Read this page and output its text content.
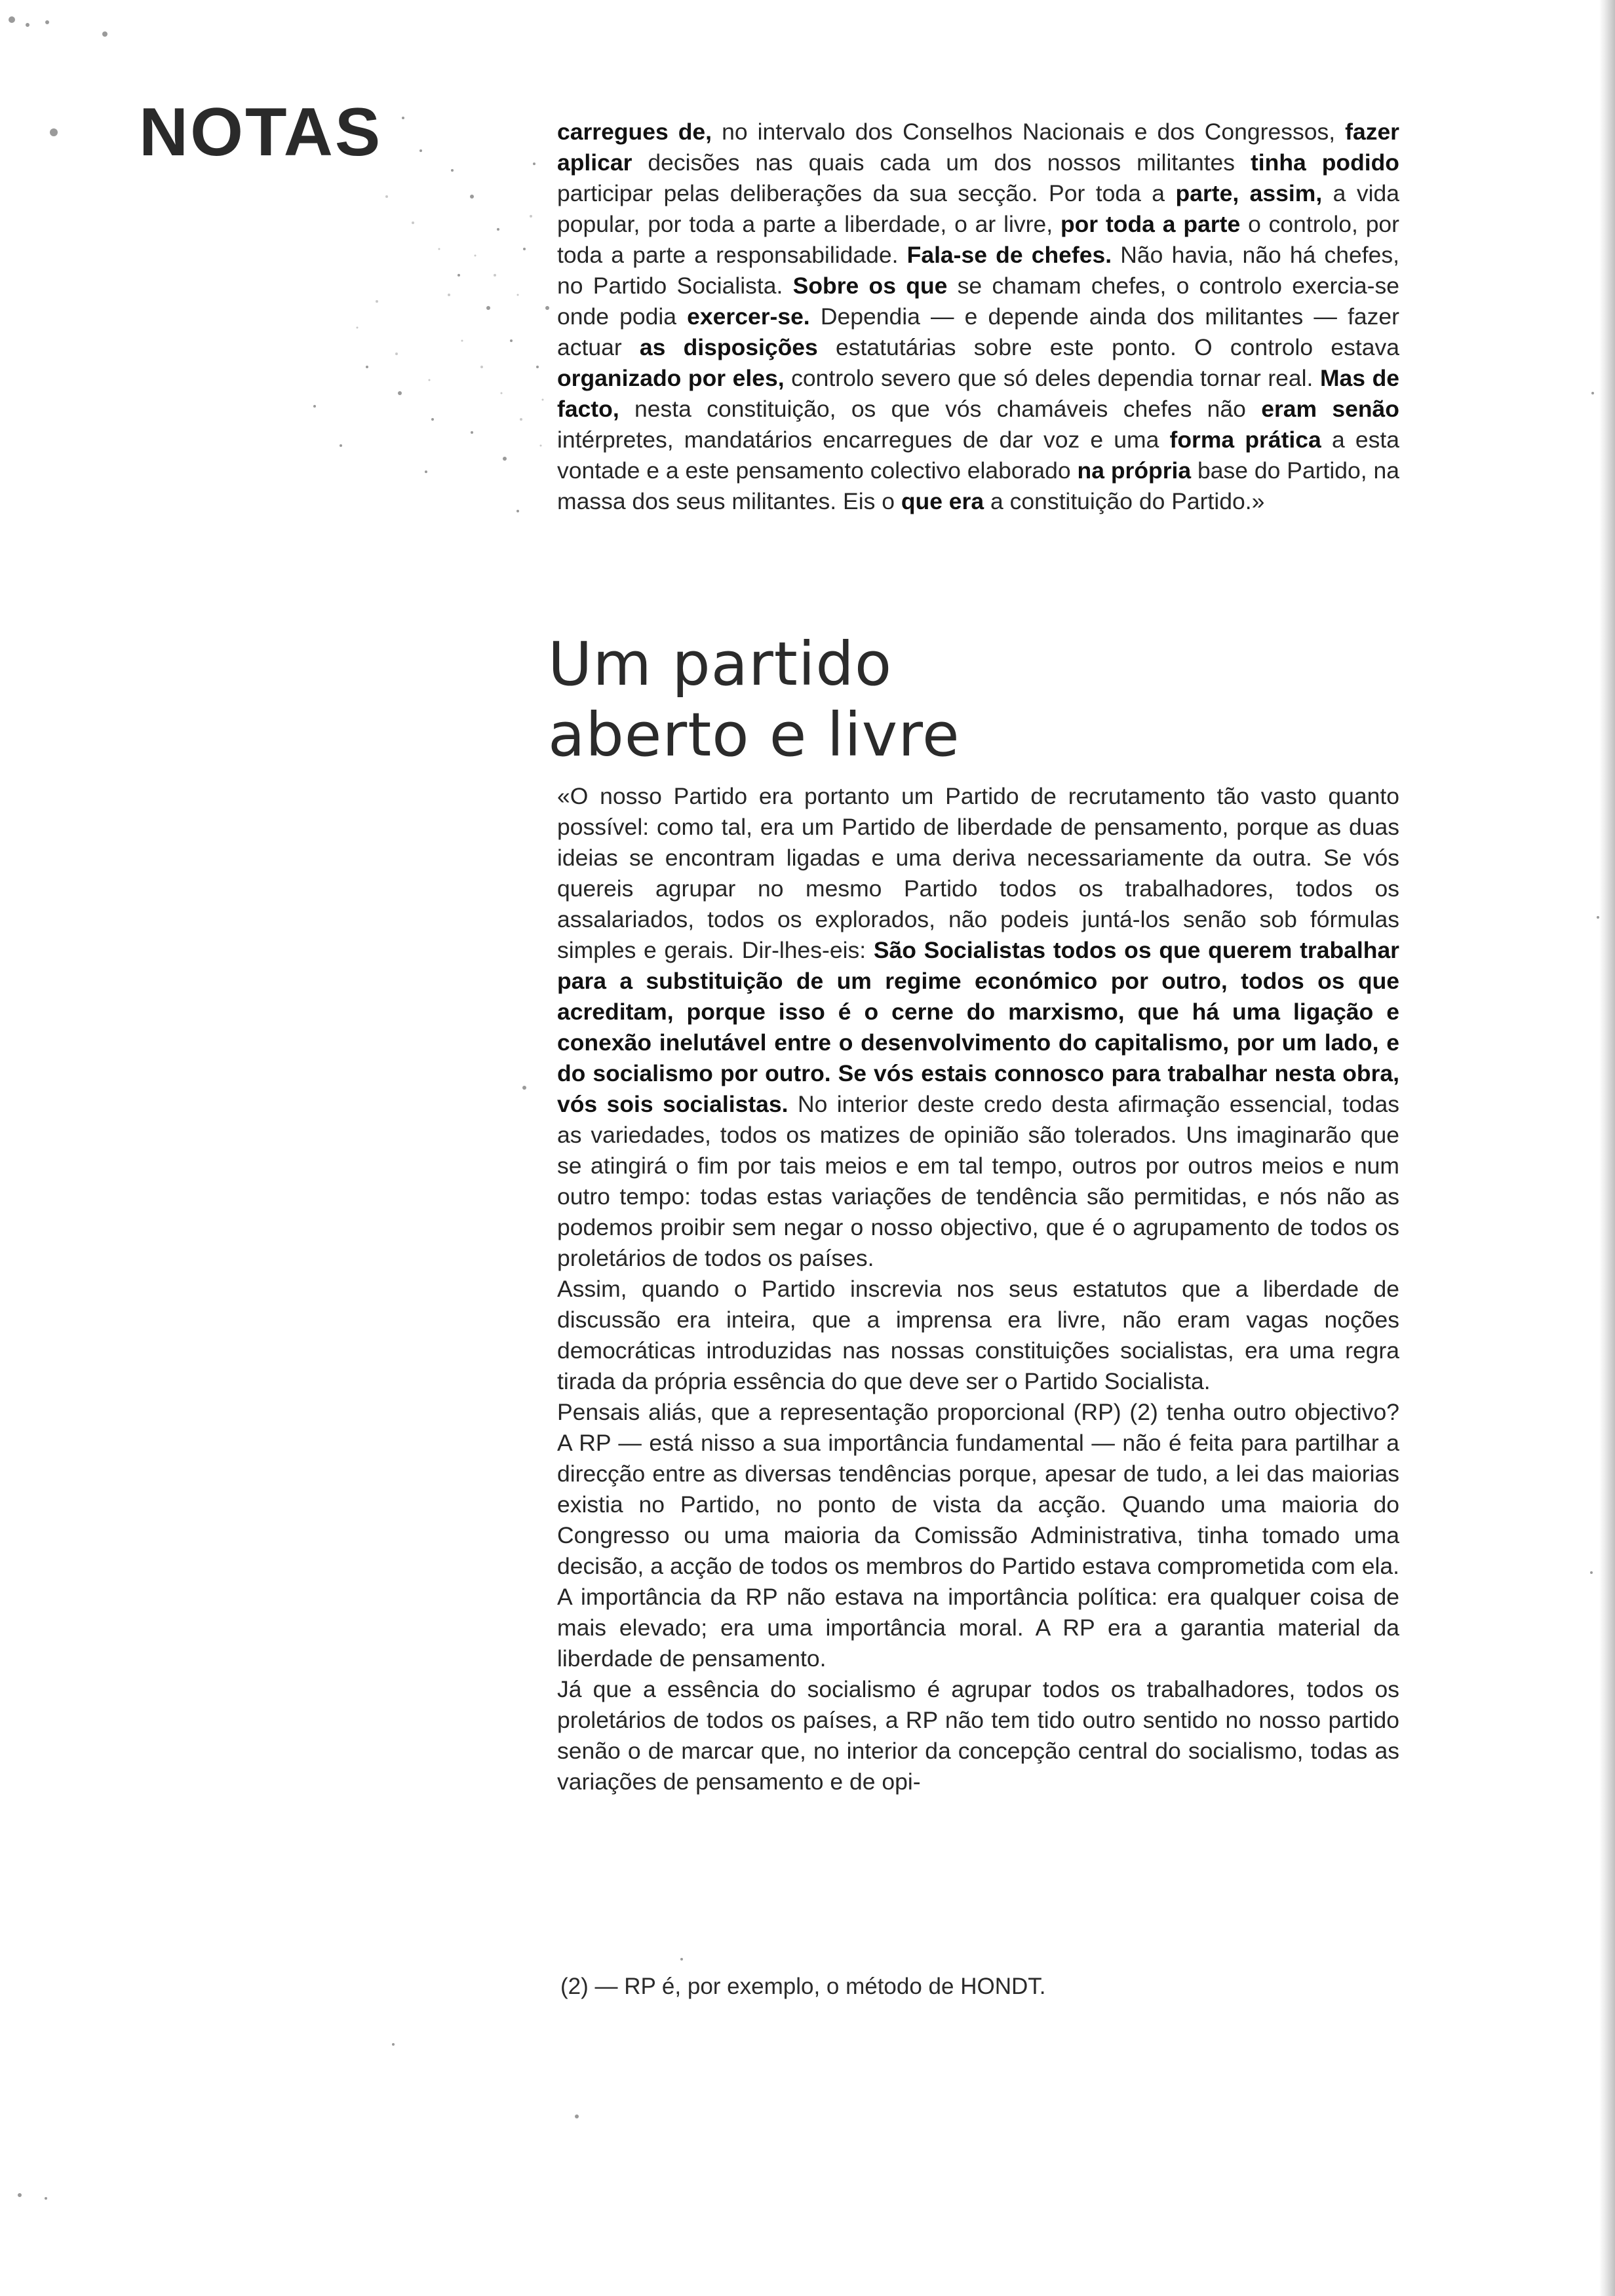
NOTAS	carregues de, no intervalo dos Conselhos Nacionais e dos Congressos, fazer aplicar decisões nas quais cada um dos nossos militantes tinha podido participar pelas deliberações da sua secção. Por toda a parte, assim, a vida popular, por toda a parte a liberdade, o ar livre, por toda a parte o controlo, por toda a parte a responsabilidade. Fala-se de chefes. Não havia, não há chefes, no Partido Socialista. Sobre os que se chamam chefes, o controlo exercia-se onde podia exercer-se. Dependia — e depende ainda dos militantes — fazer actuar as disposições estatutárias sobre este ponto. O controlo estava organizado por eles, controlo severo que só deles dependia tornar real. Mas de facto, nesta constituição, os que vós chamáveis chefes não eram senão intérpretes, mandatários encarregues de dar voz e uma forma prática a esta vontade e a este pensamento colectivo elaborado na própria base do Partido, na massa dos seus militantes. Eis o que era a constituição do Partido.»

Um partido
aberto e livre

«O nosso Partido era portanto um Partido de recrutamento tão vasto quanto possível: como tal, era um Partido de liberdade de pensamento, porque as duas ideias se encontram ligadas e uma deriva necessariamente da outra. Se vós quereis agrupar no mesmo Partido todos os trabalhadores, todos os assalariados, todos os explorados, não podeis juntá-los senão sob fórmulas simples e gerais. Dir-lhes-eis: São Socialistas todos os que querem trabalhar para a substituição de um regime económico por outro, todos os que acreditam, porque isso é o cerne do marxismo, que há uma ligação e conexão inelutável entre o desenvolvimento do capitalismo, por um lado, e do socialismo por outro. Se vós estais connosco para trabalhar nesta obra, vós sois socialistas. No interior deste credo desta afirmação essencial, todas as variedades, todos os matizes de opinião são tolerados. Uns imaginarão que se atingirá o fim por tais meios e em tal tempo, outros por outros meios e num outro tempo: todas estas variações de tendência são permitidas, e nós não as podemos proibir sem negar o nosso objectivo, que é o agrupamento de todos os proletários de todos os países.

Assim, quando o Partido inscrevia nos seus estatutos que a liberdade de discussão era inteira, que a imprensa era livre, não eram vagas noções democráticas introduzidas nas nossas constituições socialistas, era uma regra tirada da própria essência do que deve ser o Partido Socialista.

Pensais aliás, que a representação proporcional (RP) (2) tenha outro objectivo? A RP — está nisso a sua importância fundamental — não é feita para partilhar a direcção entre as diversas tendências porque, apesar de tudo, a lei das maiorias existia no Partido, no ponto de vista da acção. Quando uma maioria do Congresso ou uma maioria da Comissão Administrativa, tinha tomado uma decisão, a acção de todos os membros do Partido estava comprometida com ela. A importância da RP não estava na importância política: era qualquer coisa de mais elevado; era uma importância moral. A RP era a garantia material da liberdade de pensamento.

Já que a essência do socialismo é agrupar todos os trabalhadores, todos os proletários de todos os países, a RP não tem tido outro sentido no nosso partido senão o de marcar que, no interior da concepção central do socialismo, todas as variações de pensamento e de opi-

(2) — RP é, por exemplo, o método de HONDT.
